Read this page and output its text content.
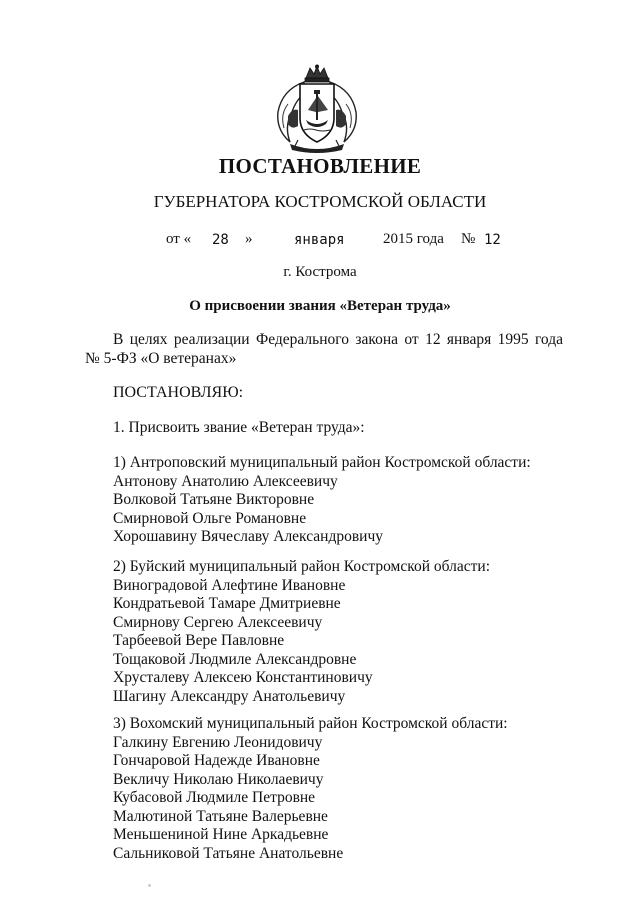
ПОСТАНОВЛЕНИЕ
ГУБЕРНАТОРА КОСТРОМСКОЙ ОБЛАСТИ
от « 28 »	января	2015 года № 12
г. Кострома
О присвоении звания «Ветеран труда»
В целях реализации Федерального закона от 12 января 1995 года
№ 5-ФЗ «О ветеранах»
ПОСТАНОВЛЯЮ:
1. Присвоить звание «Ветеран труда»:
1) Антроповский муниципальный район Костромской области:
Антонову Анатолию Алексеевичу
Волковой Татьяне Викторовне
Смирновой Ольге Романовне
Хорошавину Вячеславу Александровичу
2) Буйский муниципальный район Костромской области:
Виноградовой Алефтине Ивановне
Кондратьевой Тамаре Дмитриевне
Смирнову Сергею Алексеевичу
Тарбеевой Вере Павловне
Тощаковой Людмиле Александровне
Хрусталеву Алексею Константиновичу
Шагину Александру Анатольевичу
3) Вохомский муниципальный район Костромской области:
Галкину Евгению Леонидовичу
Гончаровой Надежде Ивановне
Векличу Николаю Николаевичу
Кубасовой Людмиле Петровне
Малютиной Татьяне Валерьевне
Меньшениной Нине Аркадьевне
Сальниковой Татьяне Анатольевне
